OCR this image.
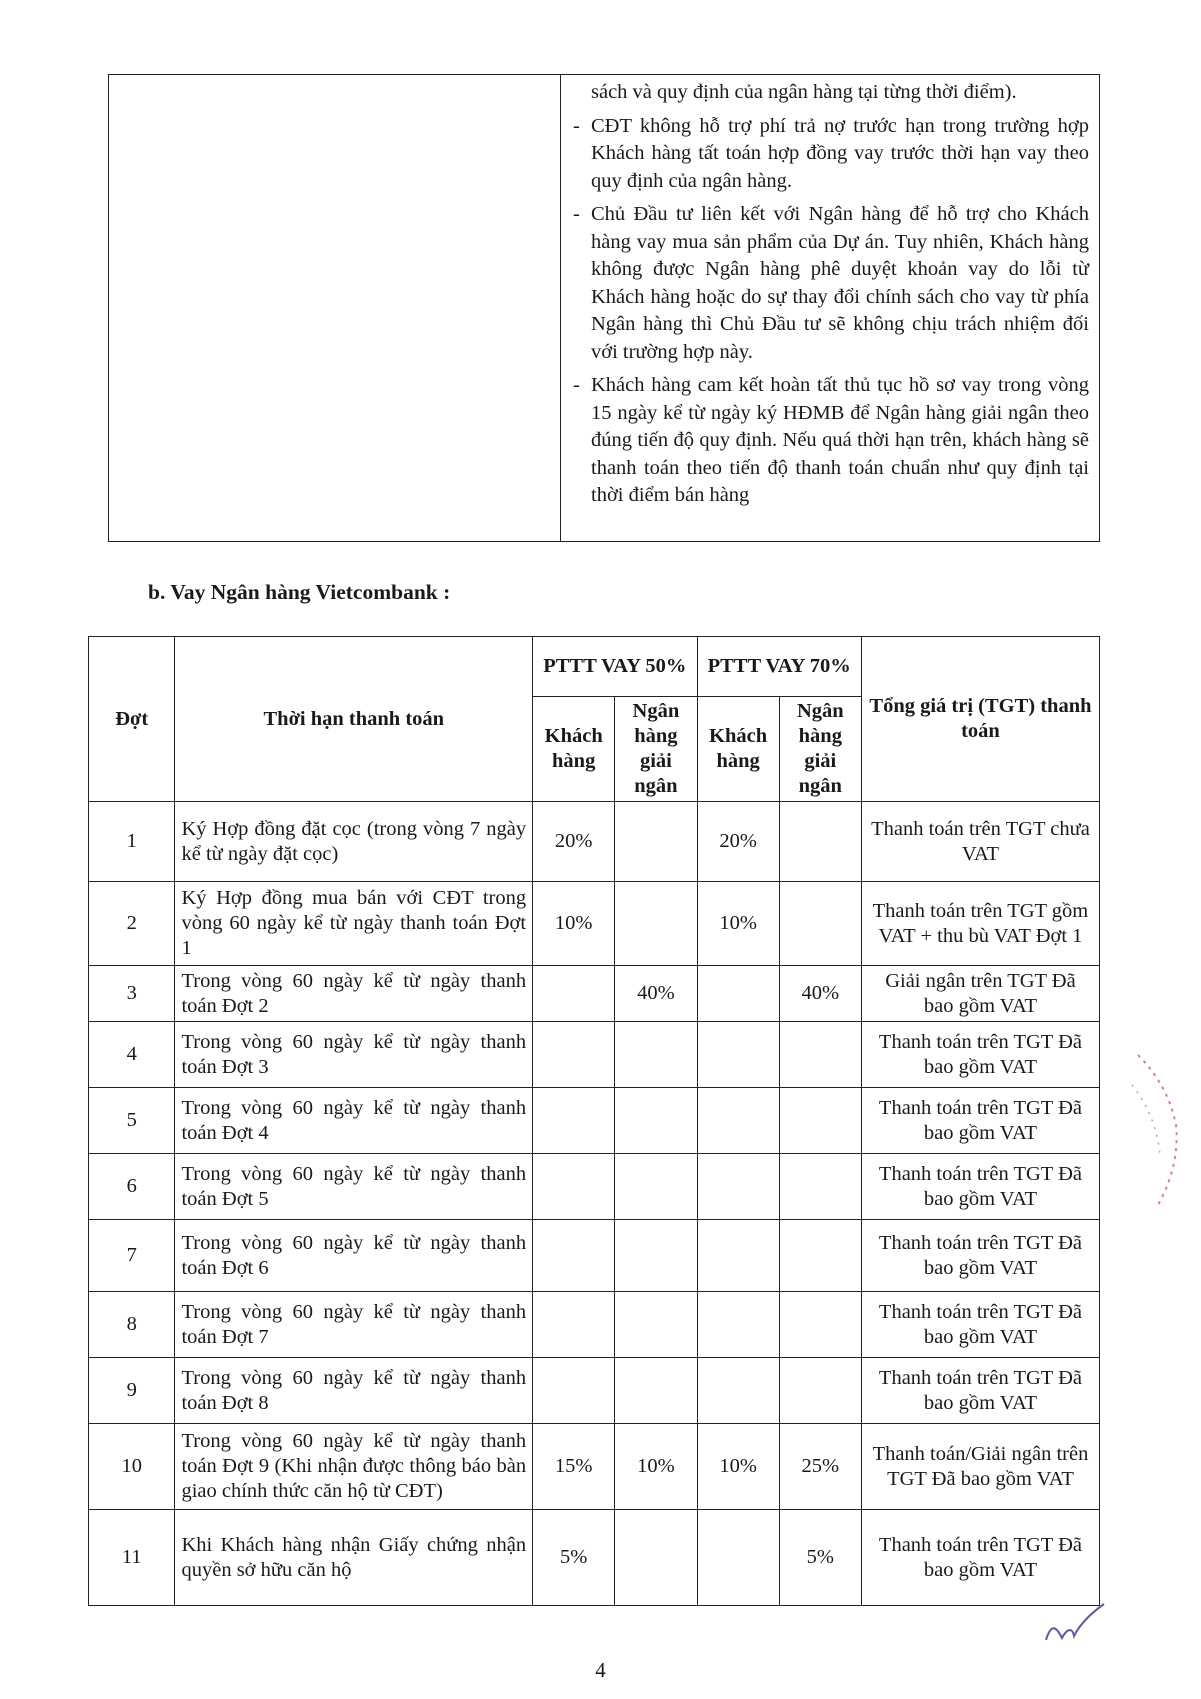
sách và quy định của ngân hàng tại từng thời điểm).
- CĐT không hỗ trợ phí trả nợ trước hạn trong trường hợp Khách hàng tất toán hợp đồng vay trước thời hạn vay theo quy định của ngân hàng.
- Chủ Đầu tư liên kết với Ngân hàng để hỗ trợ cho Khách hàng vay mua sản phẩm của Dự án. Tuy nhiên, Khách hàng không được Ngân hàng phê duyệt khoản vay do lỗi từ Khách hàng hoặc do sự thay đổi chính sách cho vay từ phía Ngân hàng thì Chủ Đầu tư sẽ không chịu trách nhiệm đối với trường hợp này.
- Khách hàng cam kết hoàn tất thủ tục hồ sơ vay trong vòng 15 ngày kể từ ngày ký HĐMB để Ngân hàng giải ngân theo đúng tiến độ quy định. Nếu quá thời hạn trên, khách hàng sẽ thanh toán theo tiến độ thanh toán chuẩn như quy định tại thời điểm bán hàng
b. Vay Ngân hàng Vietcombank :
Đợt	Thời hạn thanh toán	PTTT VAY 50%		PTTT VAY 70%		Tổng giá trị (TGT) thanh toán
		Khách hàng	Ngân hàng giải ngân	Khách hàng	Ngân hàng giải ngân	
1	Ký Hợp đồng đặt cọc (trong vòng 7 ngày kể từ ngày đặt cọc)	20%		20%		Thanh toán trên TGT chưa VAT
2	Ký Hợp đồng mua bán với CĐT trong vòng 60 ngày kể từ ngày thanh toán Đợt 1	10%		10%		Thanh toán trên TGT gồm VAT + thu bù VAT Đợt 1
3	Trong vòng 60 ngày kể từ ngày thanh toán Đợt 2		40%		40%	Giải ngân trên TGT Đã bao gồm VAT
4	Trong vòng 60 ngày kể từ ngày thanh toán Đợt 3					Thanh toán trên TGT Đã bao gồm VAT
5	Trong vòng 60 ngày kể từ ngày thanh toán Đợt 4					Thanh toán trên TGT Đã bao gồm VAT
6	Trong vòng 60 ngày kể từ ngày thanh toán Đợt 5					Thanh toán trên TGT Đã bao gồm VAT
7	Trong vòng 60 ngày kể từ ngày thanh toán Đợt 6					Thanh toán trên TGT Đã bao gồm VAT
8	Trong vòng 60 ngày kể từ ngày thanh toán Đợt 7					Thanh toán trên TGT Đã bao gồm VAT
9	Trong vòng 60 ngày kể từ ngày thanh toán Đợt 8					Thanh toán trên TGT Đã bao gồm VAT
10	Trong vòng 60 ngày kể từ ngày thanh toán Đợt 9 (Khi nhận được thông báo bàn giao chính thức căn hộ từ CĐT)	15%	10%	10%	25%	Thanh toán/Giải ngân trên TGT Đã bao gồm VAT
11	Khi Khách hàng nhận Giấy chứng nhận quyền sở hữu căn hộ	5%			5%	Thanh toán trên TGT Đã bao gồm VAT
4
